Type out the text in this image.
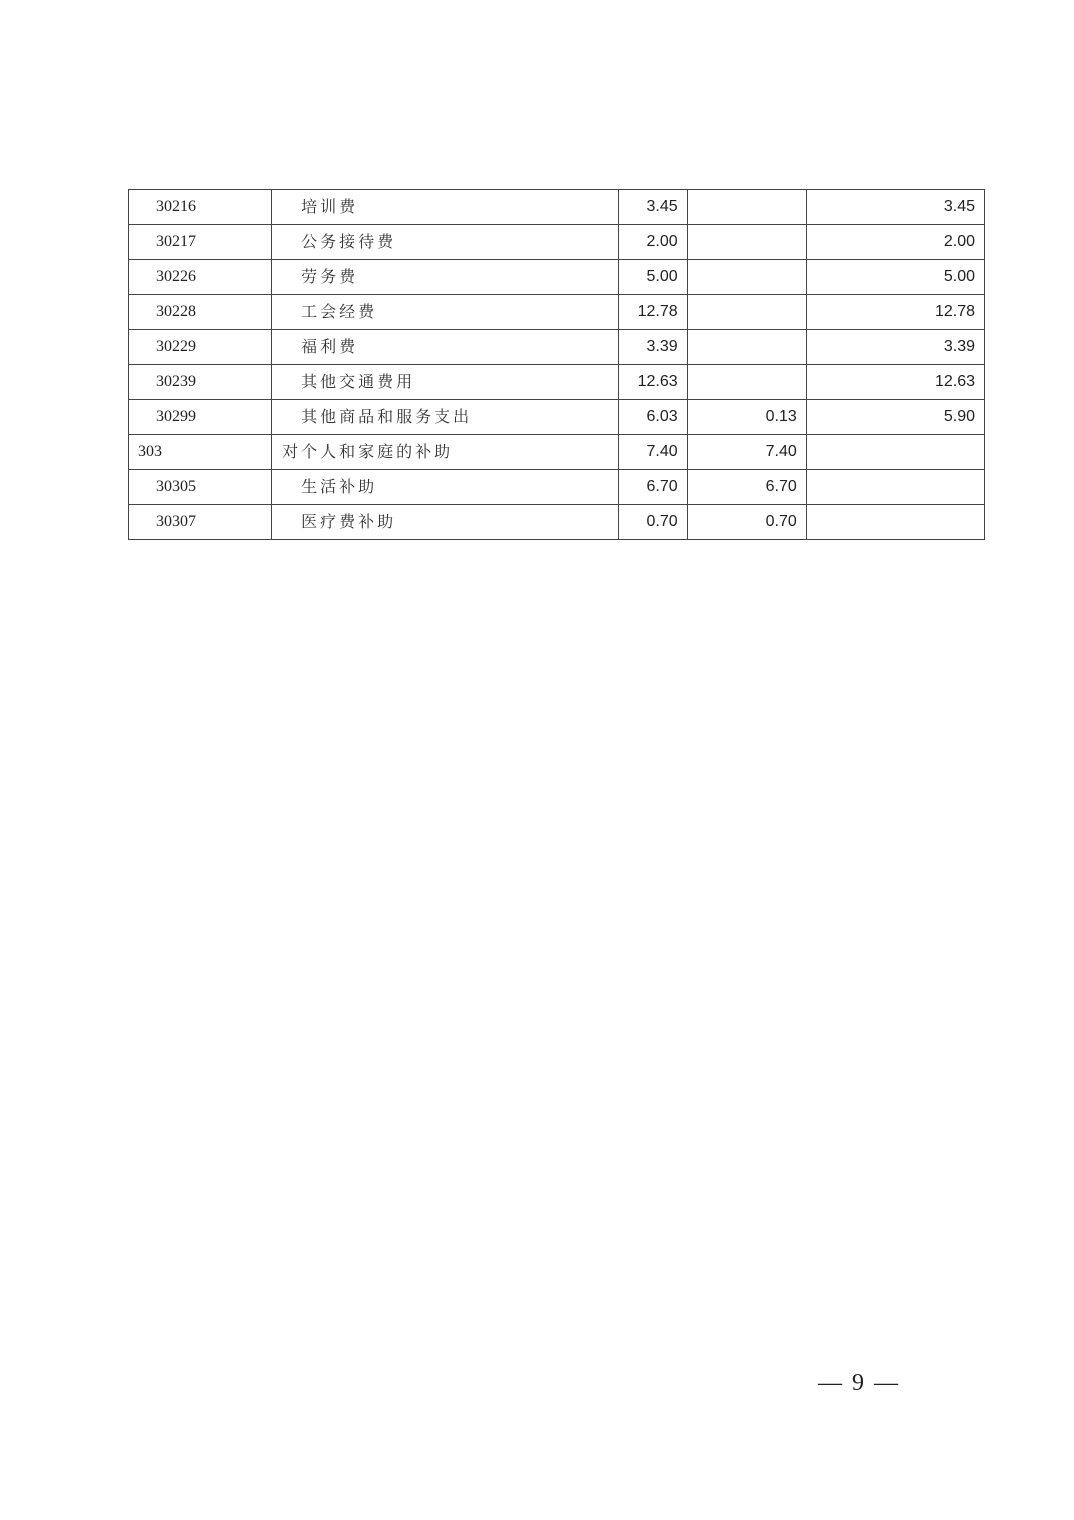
30216	培训费	3.45		3.45
30217	公务接待费	2.00		2.00
30226	劳务费	5.00		5.00
30228	工会经费	12.78		12.78
30229	福利费	3.39		3.39
30239	其他交通费用	12.63		12.63
30299	其他商品和服务支出	6.03	0.13	5.90
303	对个人和家庭的补助	7.40	7.40	
30305	生活补助	6.70	6.70	
30307	医疗费补助	0.70	0.70	
— 9 —
